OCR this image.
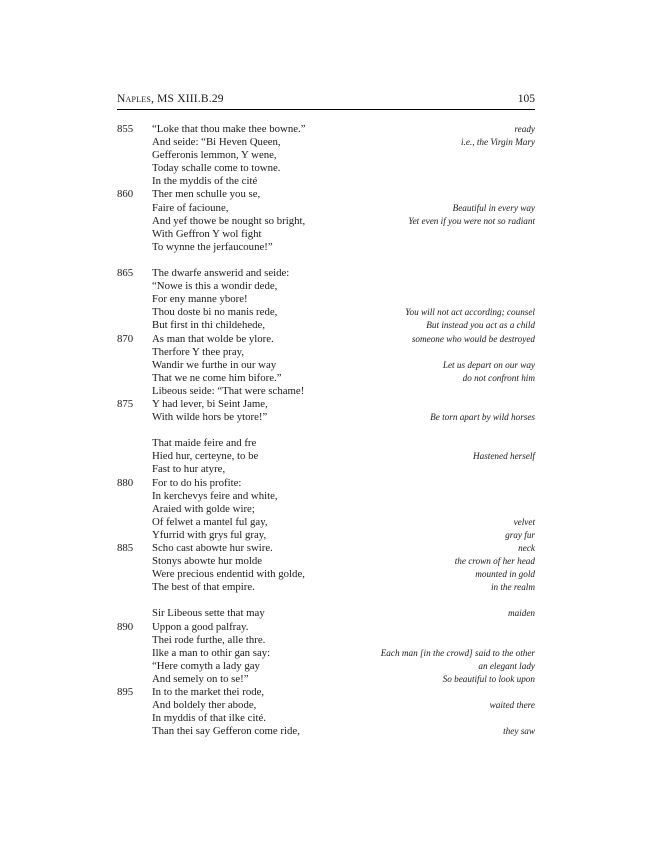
Naples, MS XIII.B.29	105
855	“Loke that thou make thee bowne.”	ready
And seide: “Bi Heven Queen,	i.e., the Virgin Mary
Gefferonis lemmon, Y wene,
Today schalle come to towne.
In the myddis of the cité
860	Ther men schulle you se,
Faire of facioune,	Beautiful in every way
And yef thowe be nought so bright,	Yet even if you were not so radiant
With Geffron Y wol fight
To wynne the jerfaucoune!”
865	The dwarfe answerid and seide:
“Nowe is this a wondir dede,
For eny manne ybore!
Thou doste bi no manis rede,	You will not act according; counsel
But first in thi childehede,	But instead you act as a child
870	As man that wolde be ylore.	someone who would be destroyed
Therfore Y thee pray,
Wandir we furthe in our way	Let us depart on our way
That we ne come him bifore.”	do not confront him
Libeous seide: “That were schame!
875	Y had lever, bi Seint Jame,
With wilde hors be ytore!”	Be torn apart by wild horses
That maide feire and fre
Hied hur, certeyne, to be	Hastened herself
Fast to hur atyre,
880	For to do his profite:
In kerchevys feire and white,
Araied with golde wire;
Of felwet a mantel ful gay,	velvet
Yfurrid with grys ful gray,	gray fur
885	Scho cast abowte hur swire.	neck
Stonys abowte hur molde	the crown of her head
Were precious endentid with golde,	mounted in gold
The best of that empire.	in the realm
Sir Libeous sette that may	maiden
890	Uppon a good palfray.
Thei rode furthe, alle thre.
Ilke a man to othir gan say:	Each man [in the crowd] said to the other
“Here comyth a lady gay	an elegant lady
And semely on to se!”	So beautiful to look upon
895	In to the market thei rode,
And boldely ther abode,	waited there
In myddis of that ilke cité.
Than thei say Gefferon come ride,	they saw
